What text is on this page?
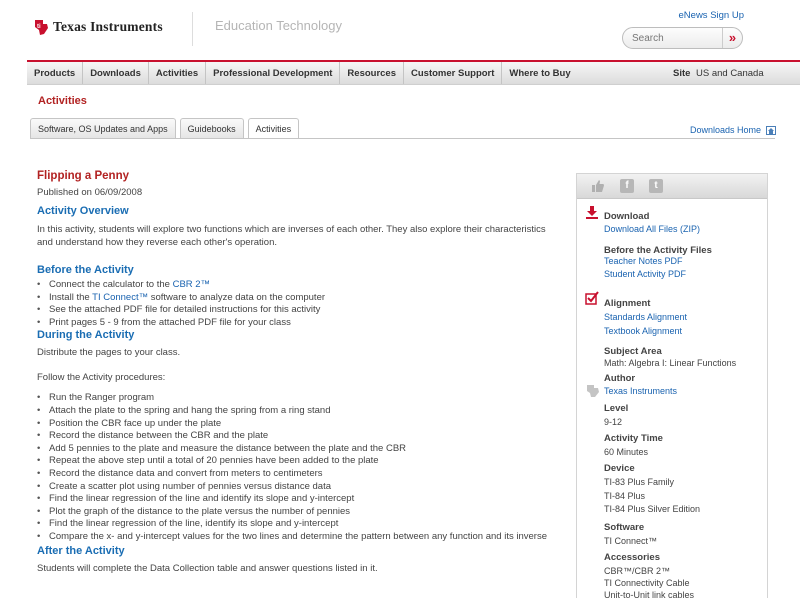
ti Texas Instruments	Education Technology
eNews Sign Up
Search
»
Products	Downloads	Activities	Professional Development	Resources	Customer Support	Where to Buy	Site US and Canada
Activities
Software, OS Updates and Apps	Guidebooks	Activities	Downloads Home
Flipping a Penny
Published on 06/09/2008
Activity Overview
In this activity, students will explore two functions which are inverses of each other. They also explore their characteristics and understand how they reverse each other's operation.
Before the Activity
• Connect the calculator to the CBR 2™
• Install the TI Connect™ software to analyze data on the computer
• See the attached PDF file for detailed instructions for this activity
• Print pages 5 - 9 from the attached PDF file for your class
During the Activity
Distribute the pages to your class.
Follow the Activity procedures:
• Run the Ranger program
• Attach the plate to the spring and hang the spring from a ring stand
• Position the CBR face up under the plate
• Record the distance between the CBR and the plate
• Add 5 pennies to the plate and measure the distance between the plate and the CBR
• Repeat the above step until a total of 20 pennies have been added to the plate
• Record the distance data and convert from meters to centimeters
• Create a scatter plot using number of pennies versus distance data
• Find the linear regression of the line and identify its slope and y-intercept
• Plot the graph of the distance to the plate versus the number of pennies
• Find the linear regression of the line, identify its slope and y-intercept
• Compare the x- and y-intercept values for the two lines and determine the pattern between any function and its inverse
After the Activity
Students will complete the Data Collection table and answer questions listed in it.
f	t
Download
Download All Files (ZIP)
Before the Activity Files
Teacher Notes PDF
Student Activity PDF
Alignment
Standards Alignment
Textbook Alignment
Subject Area
Math: Algebra I: Linear Functions
Author
Texas Instruments
Level
9-12
Activity Time
60 Minutes
Device
TI-83 Plus Family
TI-84 Plus
TI-84 Plus Silver Edition
Software
TI Connect™
Accessories
CBR™/CBR 2™
TI Connectivity Cable
Unit-to-Unit link cables
